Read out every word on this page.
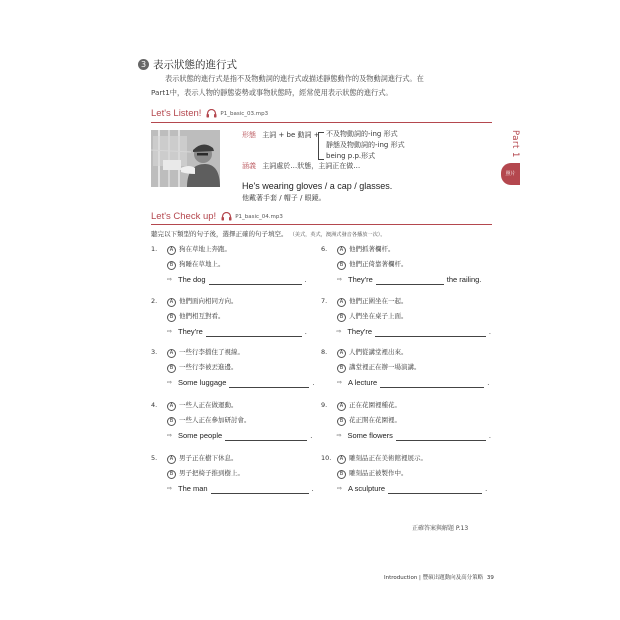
3 表示狀態的進行式

表示狀態的進行式是指不及物動詞的進行式或描述靜態動作的及物動詞進行式。在

Part1中，表示人物的靜態姿勢或事物狀態時，經常使用表示狀態的進行式。

Part 1
照片
Let's Listen!	P1_basic_03.mp3
形態 主詞 + be 動詞 + 不及物動詞的-ing 形式
靜態及物動詞的-ing 形式
being p.p.形式
涵義 主詞處於…狀態，主詞正在做…
He's wearing gloves / a cap / glasses.
他戴著手套 / 帽子 / 眼鏡。
Let's Check up!	P1_basic_04.mp3
聽完以下類型的句子後，選擇正確的句子填空。 （美式，英式，澳洲式發音各播放一次）。
1.	A 狗在草地上奔跑。
B 狗睡在草地上。
⇨ The dog	.
2.	A 他們面向相同方向。
B 他們相互對看。
⇨ They're	.
3.	A 一些行李擋住了視線。
B 一些行李被丟進邊。
⇨ Some luggage	.
4.	A 一些人正在做運動。
B 一些人正在參加研討會。
⇨ Some people	.
5.	A 男子正在樹下休息。
B 男子把椅子推到樹上。
⇨ The man	.
6.	A 他們抓著欄杆。
B 他們正倚靠著欄杆。
⇨ They're	the railing.
7.	A 他們正圍坐在一起。
B 人們坐在桌子上面。
⇨ They're	.
8.	A 人們從講堂裡出來。
B 講堂裡正在辦一場演講。
⇨ A lecture	.
9.	A 正在花園裡種花。
B 花正開在花園裡。
⇨ Some flowers	.
10.	A 雕刻品正在美術館裡展示。
B 雕刻品正被製作中。
⇨ A sculpture	.
正確答案與解題 P.13
Introduction | 豐碩出題動向及高分策略 39
